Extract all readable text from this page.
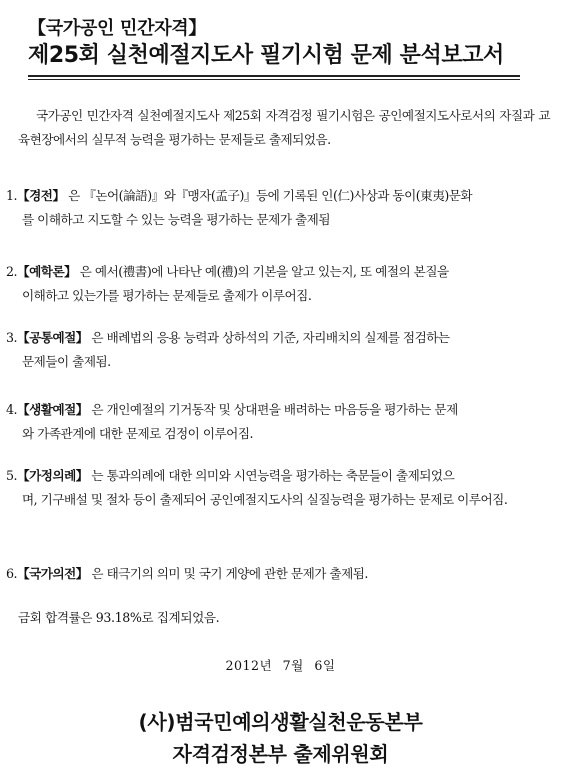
【국가공인 민간자격】
제25회 실천예절지도사 필기시험 문제 분석보고서
국가공인 민간자격 실천예절지도사 제25회 자격검정 필기시험은 공인예절지도사로서의 자질과 교육현장에서의 실무적 능력을 평가하는 문제들로 출제되었음.
1.【경전】 은 『논어(論語)』와『맹자(孟子)』등에 기록된 인(仁)사상과 동이(東夷)문화
를 이해하고 지도할 수 있는 능력을 평가하는 문제가 출제됨
2.【예학론】 은 예서(禮書)에 나타난 예(禮)의 기본을 알고 있는지, 또 예절의 본질을
이해하고 있는가를 평가하는 문제들로 출제가 이루어짐.
3.【공통예절】 은 배례법의 응용 능력과 상하석의 기준, 자리배치의 실제를 점검하는
문제들이 출제됨.
4.【생활예절】 은 개인예절의 기거동작 및 상대편을 배려하는 마음등을 평가하는 문제
와 가족관계에 대한 문제로 검정이 이루어짐.
5.【가정의례】 는 통과의례에 대한 의미와 시연능력을 평가하는 축문들이 출제되었으
며, 기구배설 및 절차 등이 출제되어 공인예절지도사의 실질능력을 평가하는 문제로 이루어짐.
6.【국가의전】 은 태극기의 의미 및 국기 게양에 관한 문제가 출제됨.
금회 합격률은 93.18%로 집계되었음.
2012년 7월 6일
(사)범국민예의생활실천운동본부
자격검정본부 출제위원회
